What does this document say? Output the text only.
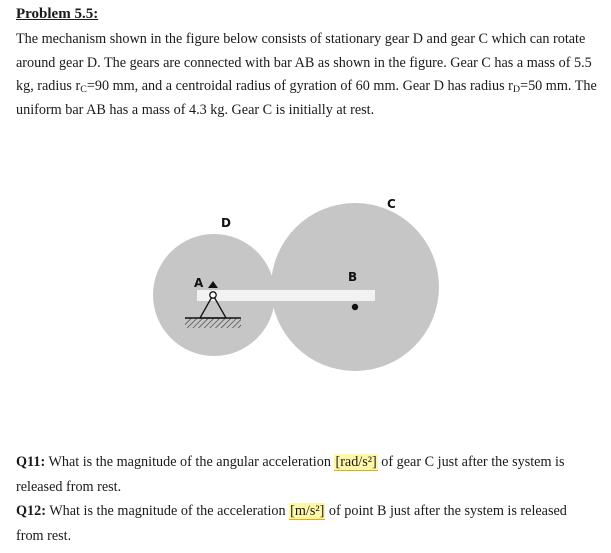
Problem 5.5:
The mechanism shown in the figure below consists of stationary gear D and gear C which can rotate around gear D. The gears are connected with bar AB as shown in the figure. Gear C has a mass of 5.5 kg, radius $r_C=90$ mm, and a centroidal radius of gyration of 60 mm. Gear D has radius $r_D=50$ mm. The uniform bar AB has a mass of 4.3 kg. Gear C is initially at rest.
D
C
A	B
Q11: What is the magnitude of the angular acceleration [rad/s²] of gear C just after the system is released from rest.
Q12: What is the magnitude of the acceleration [m/s²] of point B just after the system is released from rest.
